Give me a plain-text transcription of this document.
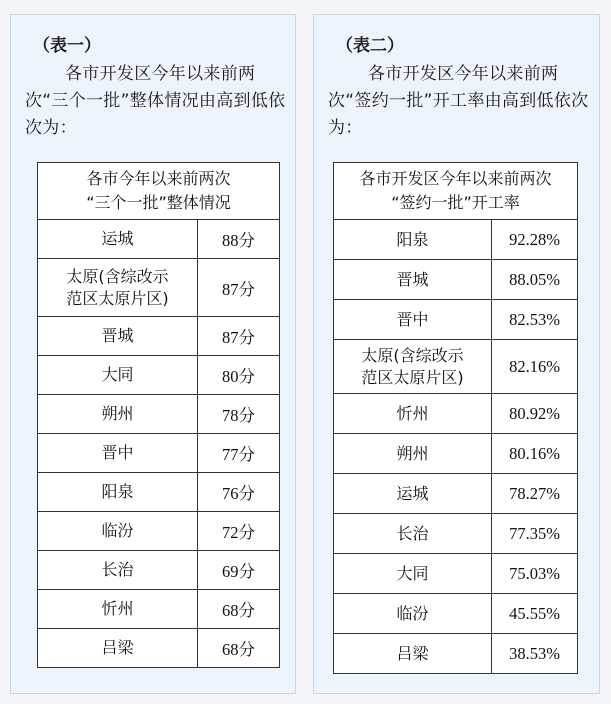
（表一）
各市开发区今年以来前两次“三个一批”整体情况由高到低依次为：
各市今年以来前两次
“三个一批”整体情况	
运城	88分
太原(含综改示
范区太原片区)	87分
晋城	87分
大同	80分
朔州	78分
晋中	77分
阳泉	76分
临汾	72分
长治	69分
忻州	68分
吕梁	68分
（表二）
各市开发区今年以来前两次“签约一批”开工率由高到低依次为：
各市开发区今年以来前两次
“签约一批”开工率	
阳泉	92.28%
晋城	88.05%
晋中	82.53%
太原(含综改示
范区太原片区)	82.16%
忻州	80.92%
朔州	80.16%
运城	78.27%
长治	77.35%
大同	75.03%
临汾	45.55%
吕梁	38.53%
